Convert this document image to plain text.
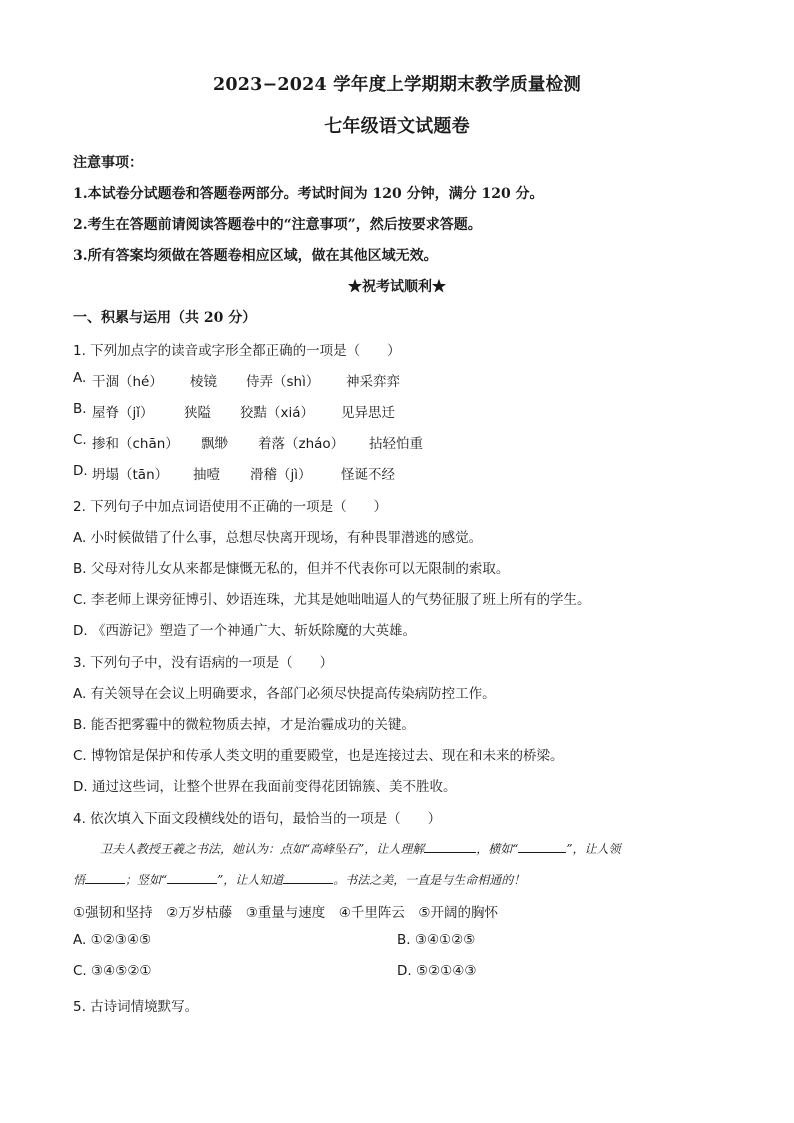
2023−2024 学年度上学期期末教学质量检测
七年级语文试题卷
注意事项：
1.本试卷分试题卷和答题卷两部分。考试时间为 120 分钟，满分 120 分。
2.考生在答题前请阅读答题卷中的“注意事项”，然后按要求答题。
3.所有答案均须做在答题卷相应区域，做在其他区域无效。
★祝考试顺利★
一、积累与运用（共 20 分）
1. 下列加点字的读音或字形全都正确的一项是（　　）
A. 干涸（hé） 棱镜 侍弄（shì） 神采弈弈
B. 屋脊（jǐ） 狭隘 狡黠（xiá） 见异思迁
C. 掺和（chān） 飘缈 着落（zháo） 拈轻怕重
D. 坍塌（tān） 抽噎 滑稽（jì） 怪诞不经
2. 下列句子中加点词语使用不正确的一项是（　　）
A. 小时候做错了什么事，总想尽快离开现场，有种畏罪潜逃的感觉。
B. 父母对待儿女从来都是慷慨无私的，但并不代表你可以无限制的索取。
C. 李老师上课旁征博引、妙语连珠，尤其是她咄咄逼人的气势征服了班上所有的学生。
D. 《西游记》塑造了一个神通广大、斩妖除魔的大英雄。
3. 下列句子中，没有语病的一项是（　　）
A. 有关领导在会议上明确要求，各部门必须尽快提高传染病防控工作。
B. 能否把雾霾中的微粒物质去掉，才是治霾成功的关键。
C. 博物馆是保护和传承人类文明的重要殿堂，也是连接过去、现在和未来的桥梁。
D. 通过这些词，让整个世界在我面前变得花团锦簇、美不胜收。
4. 依次填入下面文段横线处的语句，最恰当的一项是（　　）
卫夫人教授王羲之书法，她认为：点如“高峰坠石”，让人理解	，横如“	”，让人领
悟	；竖如“	”，让人知道	。书法之美，一直是与生命相通的！
①强韧和坚持　②万岁枯藤　③重量与速度　④千里阵云　⑤开阔的胸怀
A. ①②③④⑤	B. ③④①②⑤
C. ③④⑤②①	D. ⑤②①④③
5. 古诗词情境默写。
